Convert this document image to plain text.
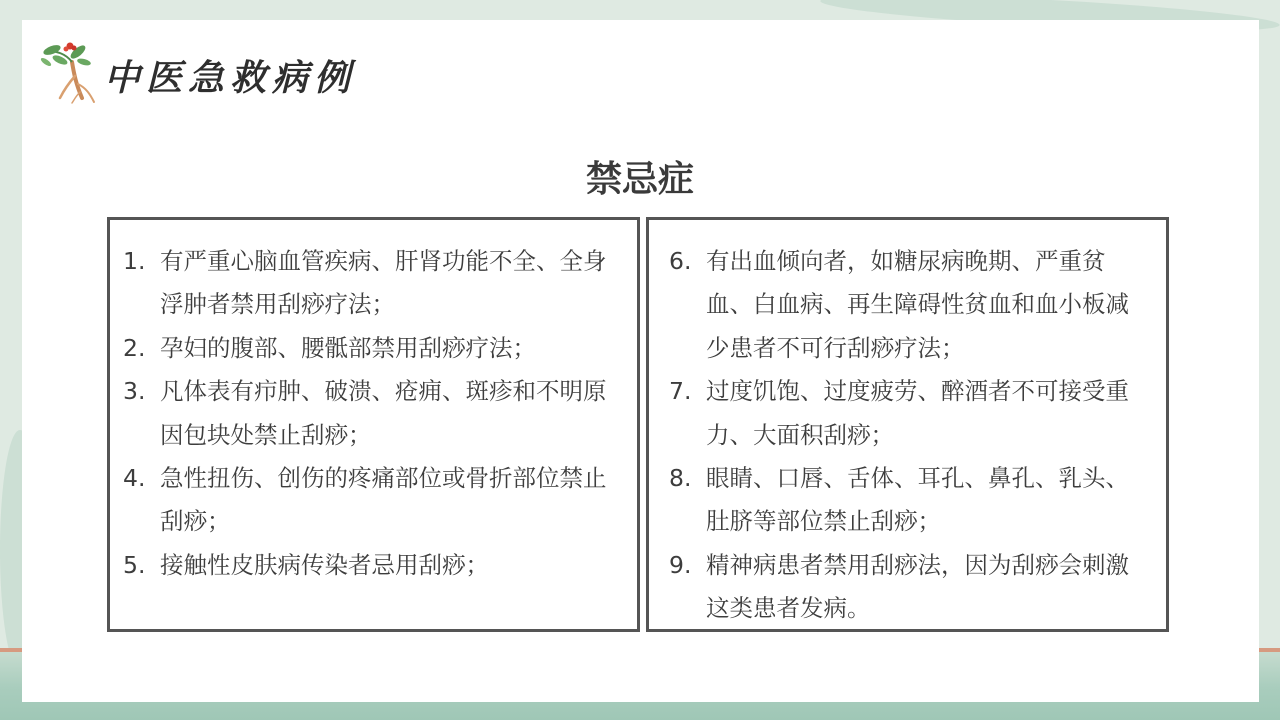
中医急救病例
禁忌症
1. 有严重心脑血管疾病、肝肾功能不全、全身浮肿者禁用刮痧疗法；
2. 孕妇的腹部、腰骶部禁用刮痧疗法；
3. 凡体表有疖肿、破溃、疮痈、斑疹和不明原因包块处禁止刮痧；
4. 急性扭伤、创伤的疼痛部位或骨折部位禁止刮痧；
5. 接触性皮肤病传染者忌用刮痧；
6. 有出血倾向者，如糖尿病晚期、严重贫血、白血病、再生障碍性贫血和血小板减少患者不可行刮痧疗法；
7. 过度饥饱、过度疲劳、醉酒者不可接受重力、大面积刮痧；
8. 眼睛、口唇、舌体、耳孔、鼻孔、乳头、肚脐等部位禁止刮痧；
9. 精神病患者禁用刮痧法，因为刮痧会刺激这类患者发病。
